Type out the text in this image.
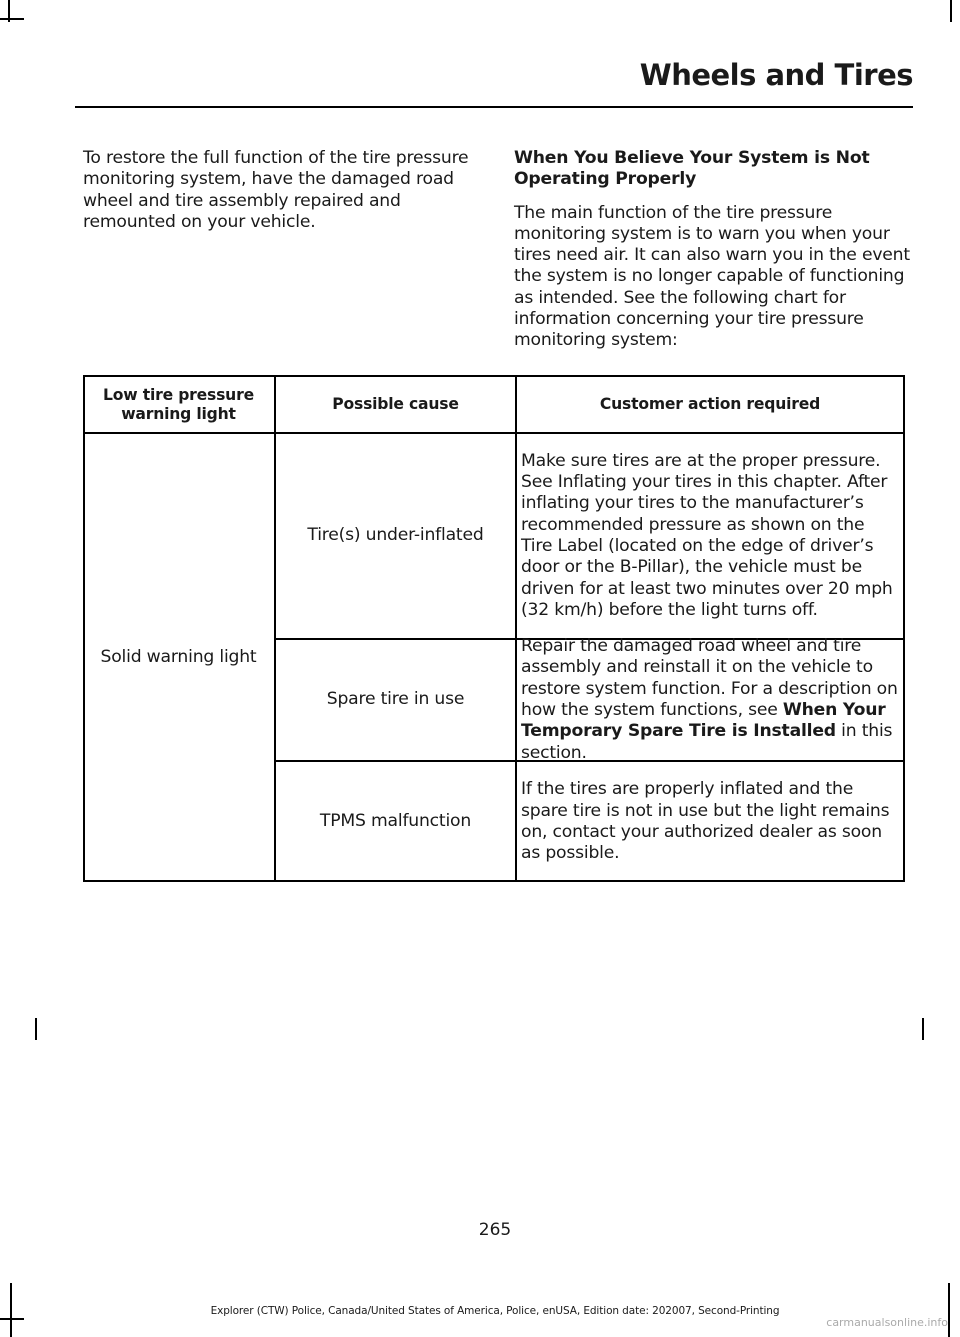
Wheels and Tires

To restore the full function of the tire pressure monitoring system, have the damaged road wheel and tire assembly repaired and remounted on your vehicle.

When You Believe Your System is Not Operating Properly

The main function of the tire pressure monitoring system is to warn you when your tires need air. It can also warn you in the event the system is no longer capable of functioning as intended. See the following chart for information concerning your tire pressure monitoring system:

Low tire pressure warning light
Possible cause	Customer action required
Solid warning light
Tire(s) under-inflated
Make sure tires are at the proper pressure. See Inflating your tires in this chapter. After inflating your tires to the manufacturer’s recommended pressure as shown on the Tire Label (located on the edge of driver’s door or the B-Pillar), the vehicle must be driven for at least two minutes over 20 mph (32 km/h) before the light turns off.
Spare tire in use
Repair the damaged road wheel and tire assembly and reinstall it on the vehicle to restore system function. For a description on how the system functions, see When Your Temporary Spare Tire is Installed in this section.
TPMS malfunction
If the tires are properly inflated and the spare tire is not in use but the light remains on, contact your authorized dealer as soon as possible.
265
Explorer (CTW) Police, Canada/United States of America, Police, enUSA, Edition date: 202007, Second-Printing
carmanualsonline.info
